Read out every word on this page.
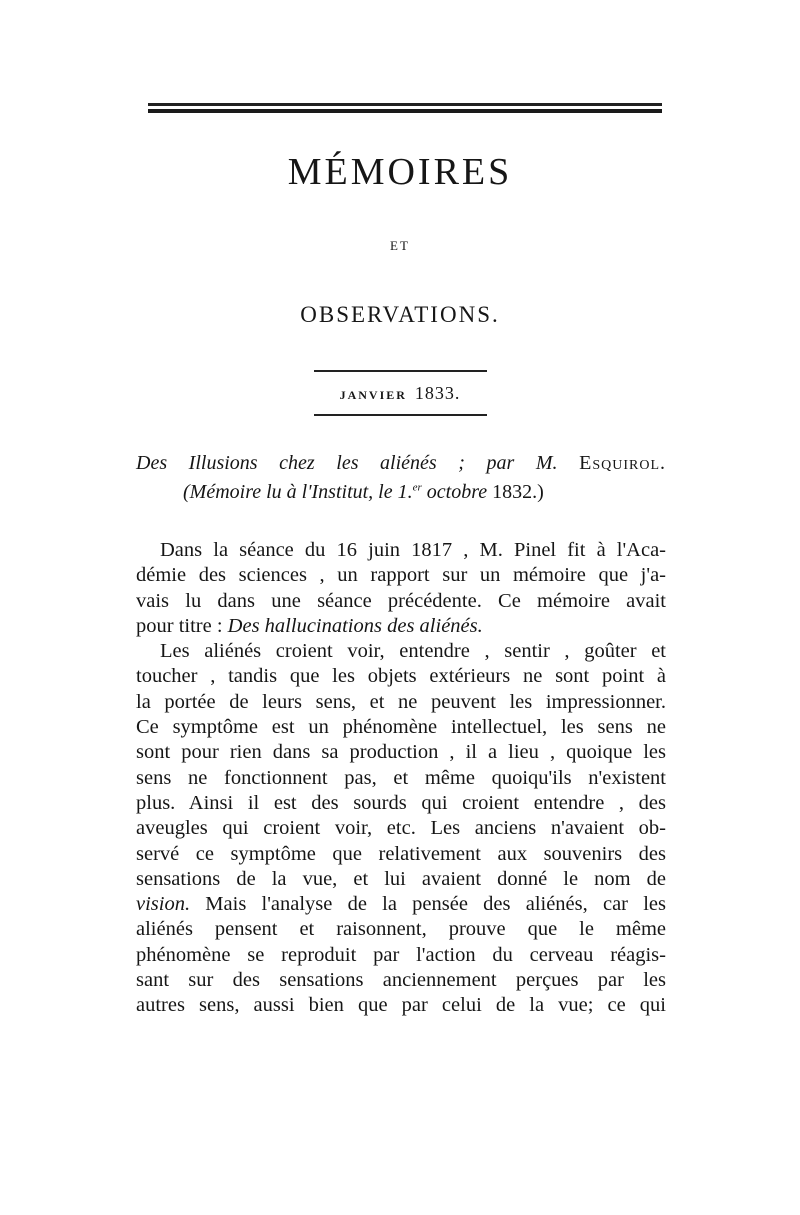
MÉMOIRES
ET
OBSERVATIONS.
JANVIER 1833.
Des Illusions chez les aliénés ; par M. Esquirol.
(Mémoire lu à l'Institut, le 1.$^{er}$ octobre 1832.)
Dans la séance du 16 juin 1817 , M. Pinel fit à l'Aca-
démie des sciences , un rapport sur un mémoire que j'a-
vais lu dans une séance précédente. Ce mémoire avait
pour titre : Des hallucinations des aliénés.
Les aliénés croient voir, entendre , sentir , goûter et
toucher , tandis que les objets extérieurs ne sont point à
la portée de leurs sens, et ne peuvent les impressionner.
Ce symptôme est un phénomène intellectuel, les sens ne
sont pour rien dans sa production , il a lieu , quoique les
sens ne fonctionnent pas, et même quoiqu'ils n'existent
plus. Ainsi il est des sourds qui croient entendre , des
aveugles qui croient voir, etc. Les anciens n'avaient ob-
servé ce symptôme que relativement aux souvenirs des
sensations de la vue, et lui avaient donné le nom de
vision. Mais l'analyse de la pensée des aliénés, car les
aliénés pensent et raisonnent, prouve que le même
phénomène se reproduit par l'action du cerveau réagis-
sant sur des sensations anciennement perçues par les
autres sens, aussi bien que par celui de la vue; ce qui
